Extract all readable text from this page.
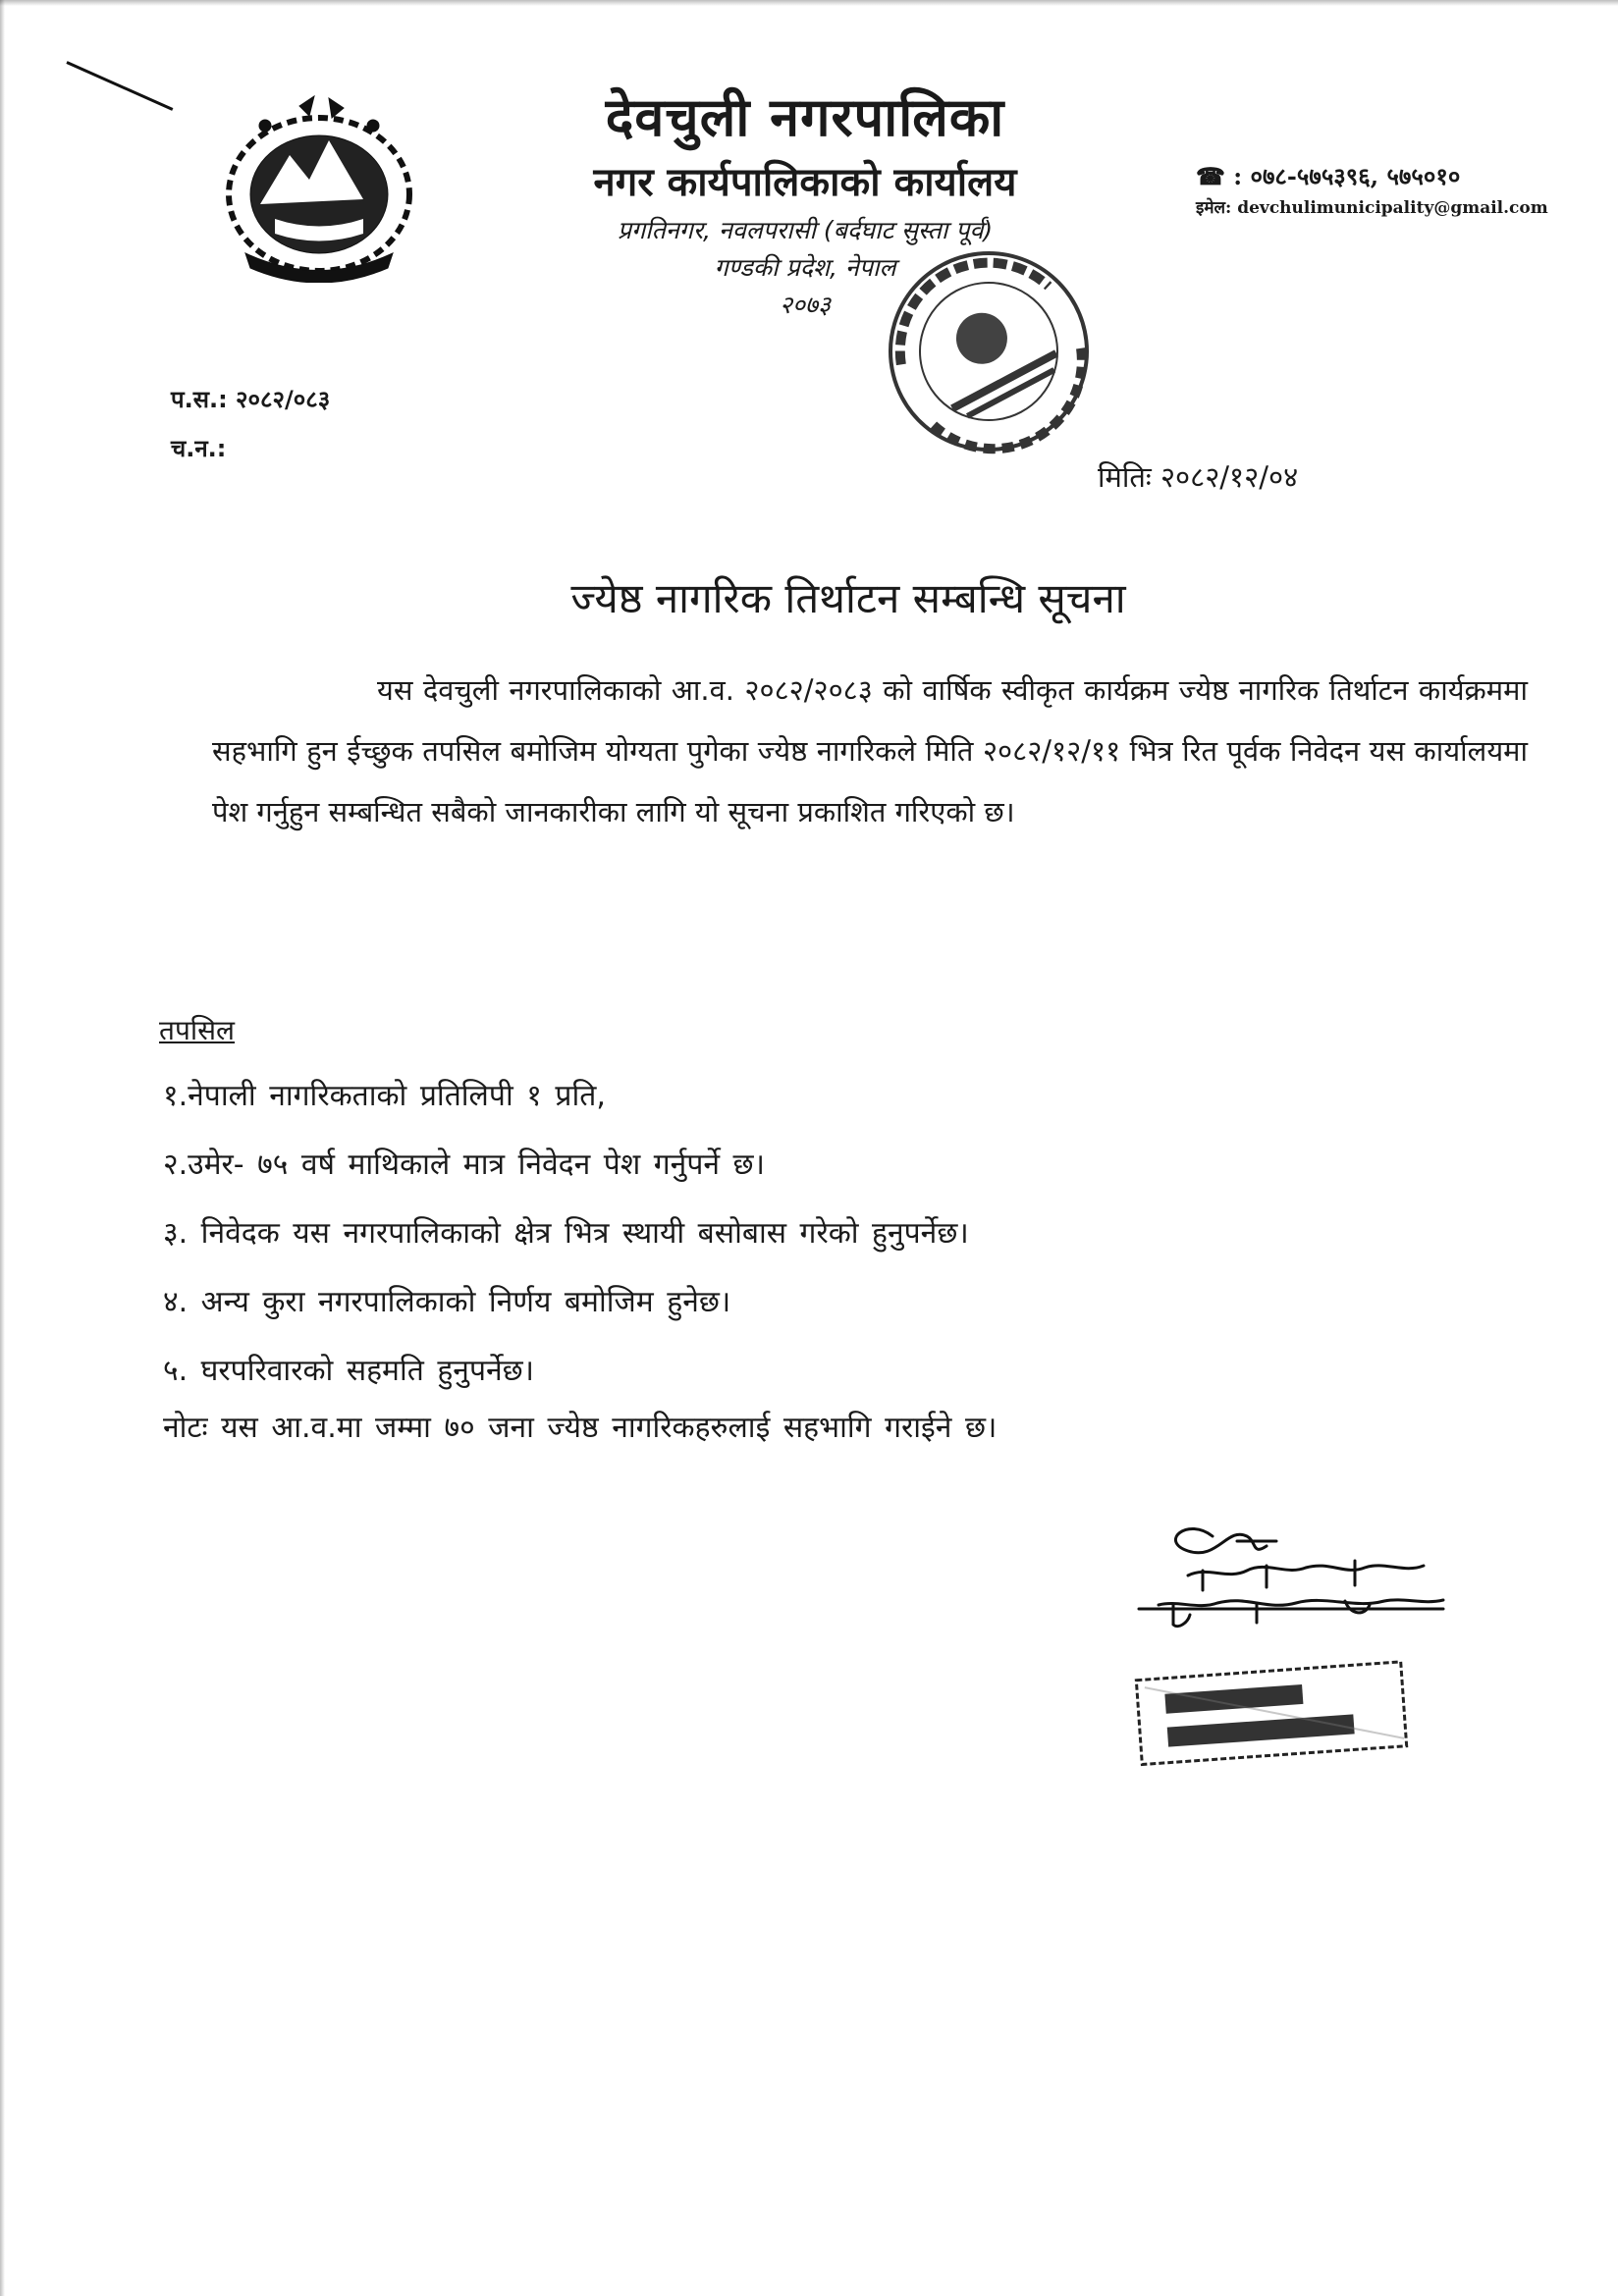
देवचुली नगरपालिका

नगर कार्यपालिकाको कार्यालय

प्रगतिनगर, नवलपरासी (बर्दघाट सुस्ता पूर्व)

गण्डकी प्रदेश, नेपाल

२०७३

☎ : ०७८-५७५३९६, ५७५०१०
इमेल: devchulimunicipality@gmail.com
प.स.: २०८२/०८३
च.न.:
मितिः २०८२/१२/०४
ज्येष्ठ नागरिक तिर्थाटन सम्बन्धि सूचना
यस देवचुली नगरपालिकाको आ.व. २०८२/२०८३ को वार्षिक स्वीकृत कार्यक्रम ज्येष्ठ नागरिक तिर्थाटन कार्यक्रममा सहभागि हुन ईच्छुक तपसिल बमोजिम योग्यता पुगेका ज्येष्ठ नागरिकले मिति २०८२/१२/११ भित्र रित पूर्वक निवेदन यस कार्यालयमा पेश गर्नुहुन सम्बन्धित सबैको जानकारीका लागि यो सूचना प्रकाशित गरिएको छ।
तपसिल
१.नेपाली नागरिकताको प्रतिलिपी १ प्रति,
२.उमेर- ७५ वर्ष माथिकाले मात्र निवेदन पेश गर्नुपर्ने छ।
३. निवेदक यस नगरपालिकाको क्षेत्र भित्र स्थायी बसोबास गरेको हुनुपर्नेछ।
४. अन्य कुरा नगरपालिकाको निर्णय बमोजिम हुनेछ।
५. घरपरिवारको सहमति हुनुपर्नेछ।
नोटः यस आ.व.मा जम्मा ७० जना ज्येष्ठ नागरिकहरुलाई सहभागि गराईने छ।
